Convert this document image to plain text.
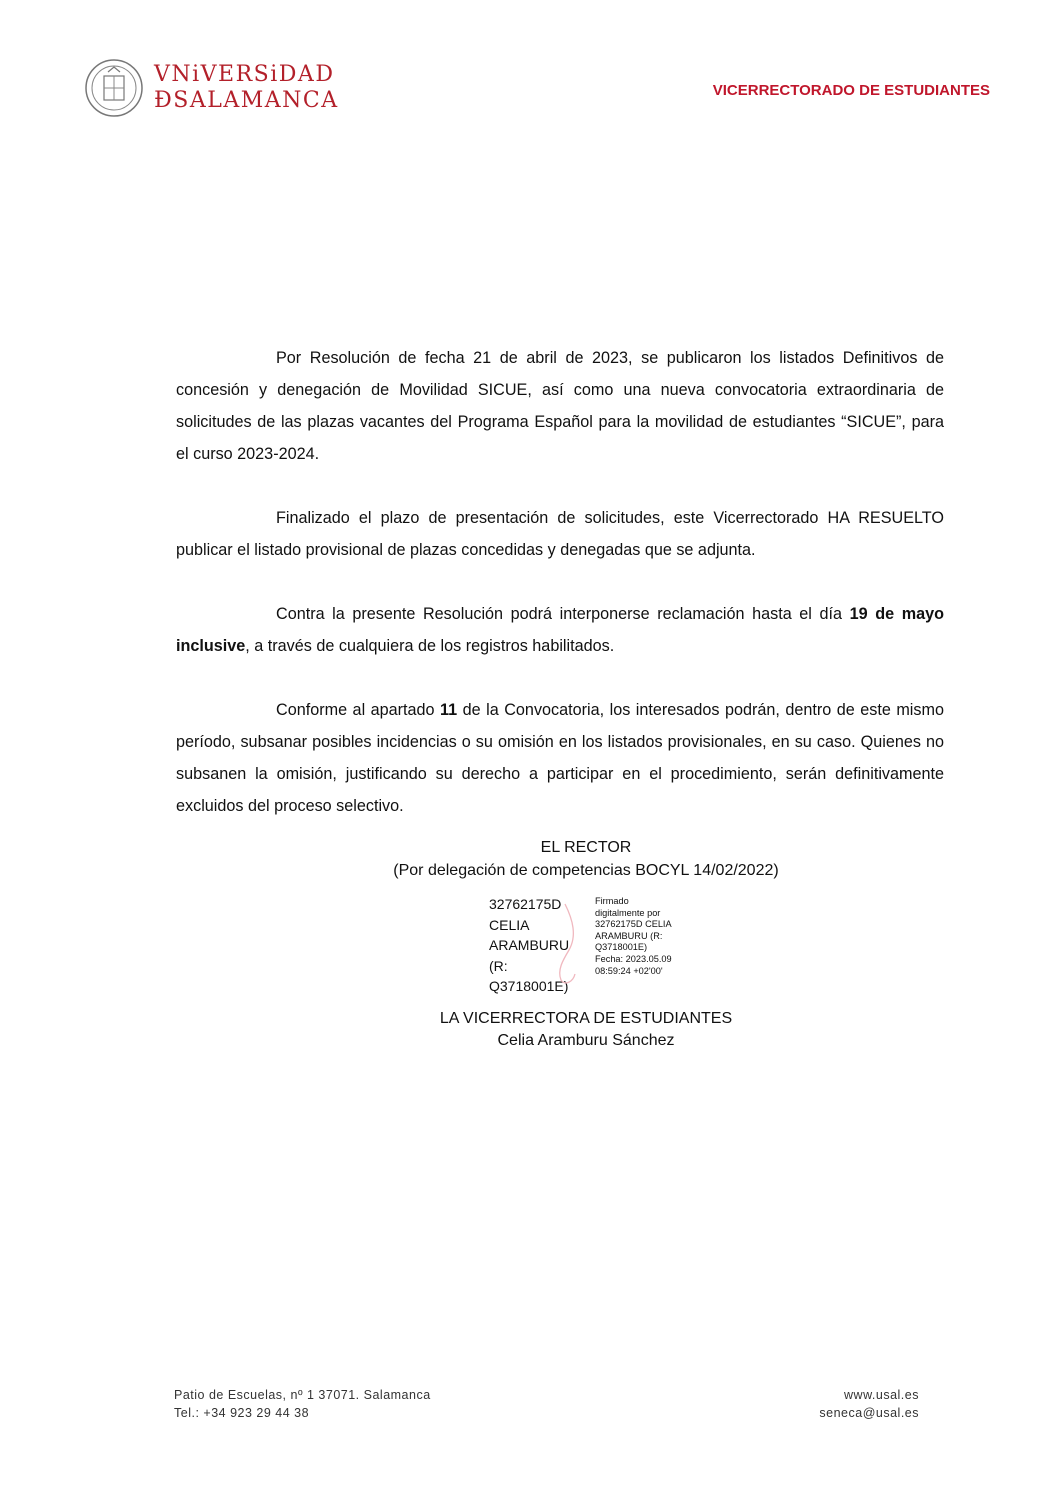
VNiVERSiDAD
ÐSALAMANCA	VICERRECTORADO DE ESTUDIANTES

Por Resolución de fecha 21 de abril de 2023, se publicaron los listados Definitivos de concesión y denegación de Movilidad SICUE, así como una nueva convocatoria extraordinaria de solicitudes de las plazas vacantes del Programa Español para la movilidad de estudiantes “SICUE”, para el curso 2023-2024.

Finalizado el plazo de presentación de solicitudes, este Vicerrectorado HA RESUELTO publicar el listado provisional de plazas concedidas y denegadas que se adjunta.

Contra la presente Resolución podrá interponerse reclamación hasta el día 19 de mayo inclusive, a través de cualquiera de los registros habilitados.

Conforme al apartado 11 de la Convocatoria, los interesados podrán, dentro de este mismo período, subsanar posibles incidencias o su omisión en los listados provisionales, en su caso. Quienes no subsanen la omisión, justificando su derecho a participar en el procedimiento, serán definitivamente excluidos del proceso selectivo.

EL RECTOR
(Por delegación de competencias BOCYL 14/02/2022)
32762175D
CELIA
ARAMBURU
(R:
Q3718001E)
Firmado
digitalmente por
32762175D CELIA
ARAMBURU (R:
Q3718001E)
Fecha: 2023.05.09
08:59:24 +02'00'
LA VICERRECTORA DE ESTUDIANTES
Celia Aramburu Sánchez
Patio de Escuelas, nº 1 37071. Salamanca
Tel.: +34 923 29 44 38
www.usal.es
seneca@usal.es
